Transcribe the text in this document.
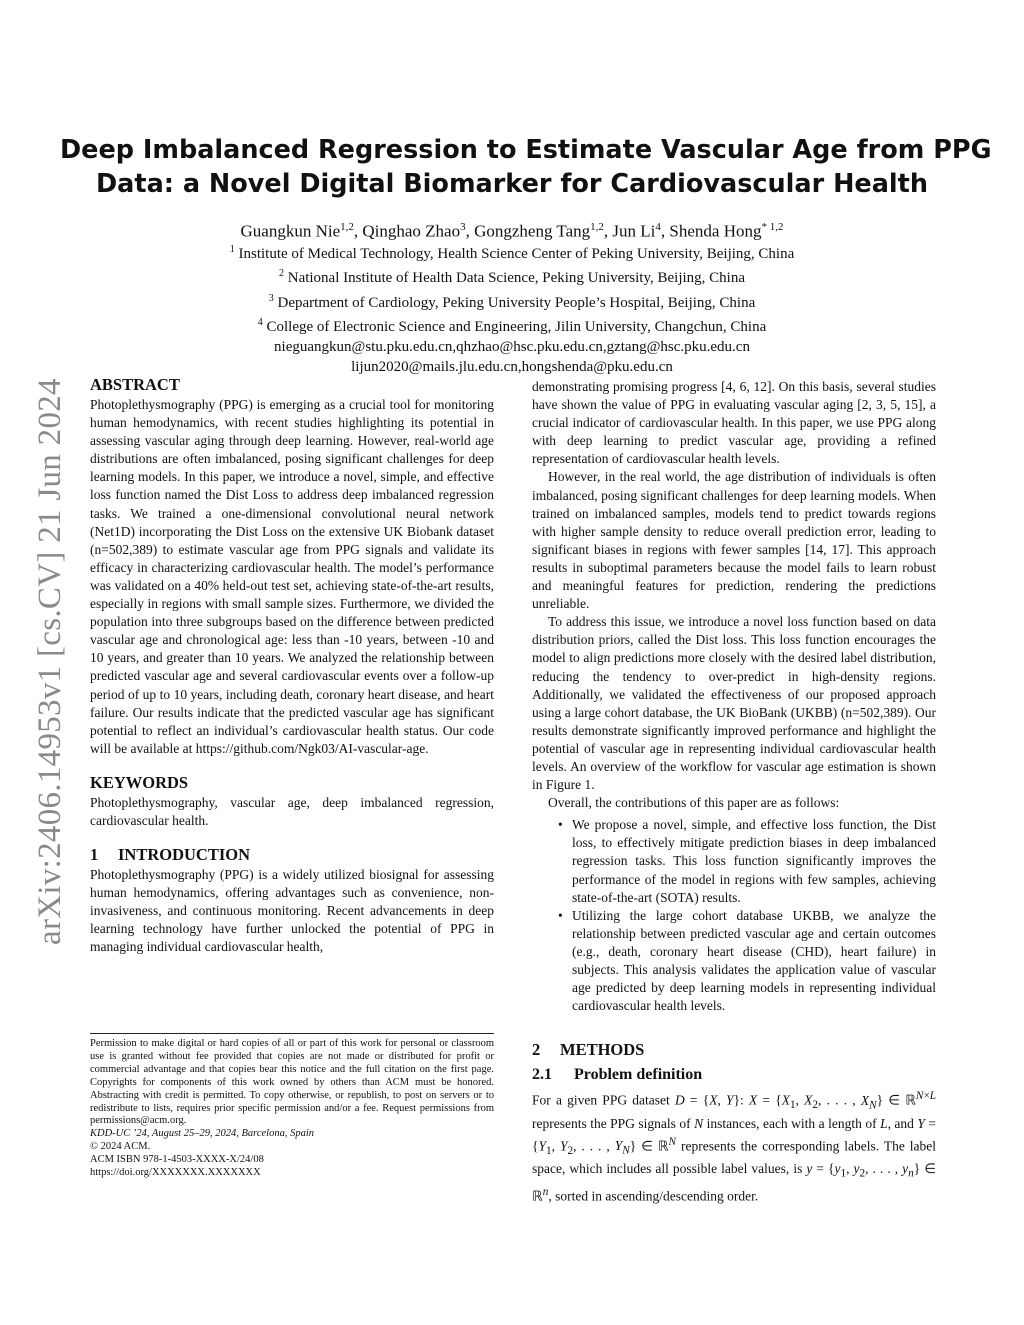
arXiv:2406.14953v1 [cs.CV] 21 Jun 2024
Deep Imbalanced Regression to Estimate Vascular Age from PPG
Data: a Novel Digital Biomarker for Cardiovascular Health
Guangkun Nie$^{1,2}$, Qinghao Zhao$^3$, Gongzheng Tang$^{1,2}$, Jun Li$^4$, Shenda Hong$^{* 1,2}$
$^1$ Institute of Medical Technology, Health Science Center of Peking University, Beijing, China
$^2$ National Institute of Health Data Science, Peking University, Beijing, China
$^3$ Department of Cardiology, Peking University People’s Hospital, Beijing, China
$^4$ College of Electronic Science and Engineering, Jilin University, Changchun, China
nieguangkun@stu.pku.edu.cn,qhzhao@hsc.pku.edu.cn,gztang@hsc.pku.edu.cn
lijun2020@mails.jlu.edu.cn,hongshenda@pku.edu.cn
ABSTRACT

Photoplethysmography (PPG) is emerging as a crucial tool for monitoring human hemodynamics, with recent studies highlighting its potential in assessing vascular aging through deep learning. However, real-world age distributions are often imbalanced, posing significant challenges for deep learning models. In this paper, we introduce a novel, simple, and effective loss function named the Dist Loss to address deep imbalanced regression tasks. We trained a one-dimensional convolutional neural network (Net1D) incorporating the Dist Loss on the extensive UK Biobank dataset (n=502,389) to estimate vascular age from PPG signals and validate its efficacy in characterizing cardiovascular health. The model’s performance was validated on a 40% held-out test set, achieving state-of-the-art results, especially in regions with small sample sizes. Furthermore, we divided the population into three subgroups based on the difference between predicted vascular age and chronological age: less than -10 years, between -10 and 10 years, and greater than 10 years. We analyzed the relationship between predicted vascular age and several cardiovascular events over a follow-up period of up to 10 years, including death, coronary heart disease, and heart failure. Our results indicate that the predicted vascular age has significant potential to reflect an individual’s cardiovascular health status. Our code will be available at https://github.com/Ngk03/AI-vascular-age.

KEYWORDS

Photoplethysmography, vascular age, deep imbalanced regression, cardiovascular health.

1 INTRODUCTION

Photoplethysmography (PPG) is a widely utilized biosignal for assessing human hemodynamics, offering advantages such as convenience, non-invasiveness, and continuous monitoring. Recent advancements in deep learning technology have further unlocked the potential of PPG in managing individual cardiovascular health,

Permission to make digital or hard copies of all or part of this work for personal or classroom use is granted without fee provided that copies are not made or distributed for profit or commercial advantage and that copies bear this notice and the full citation on the first page. Copyrights for components of this work owned by others than ACM must be honored. Abstracting with credit is permitted. To copy otherwise, or republish, to post on servers or to redistribute to lists, requires prior specific permission and/or a fee. Request permissions from permissions@acm.org.

KDD-UC ’24, August 25–29, 2024, Barcelona, Spain
© 2024 ACM.
ACM ISBN 978-1-4503-XXXX-X/24/08
https://doi.org/XXXXXXX.XXXXXXX

demonstrating promising progress [4, 6, 12]. On this basis, several studies have shown the value of PPG in evaluating vascular aging [2, 3, 5, 15], a crucial indicator of cardiovascular health. In this paper, we use PPG along with deep learning to predict vascular age, providing a refined representation of cardiovascular health levels.

However, in the real world, the age distribution of individuals is often imbalanced, posing significant challenges for deep learning models. When trained on imbalanced samples, models tend to predict towards regions with higher sample density to reduce overall prediction error, leading to significant biases in regions with fewer samples [14, 17]. This approach results in suboptimal parameters because the model fails to learn robust and meaningful features for prediction, rendering the predictions unreliable.

To address this issue, we introduce a novel loss function based on data distribution priors, called the Dist loss. This loss function encourages the model to align predictions more closely with the desired label distribution, reducing the tendency to over-predict in high-density regions. Additionally, we validated the effectiveness of our proposed approach using a large cohort database, the UK BioBank (UKBB) (n=502,389). Our results demonstrate significantly improved performance and highlight the potential of vascular age in representing individual cardiovascular health levels. An overview of the workflow for vascular age estimation is shown in Figure 1.

Overall, the contributions of this paper are as follows:

• We propose a novel, simple, and effective loss function, the Dist loss, to effectively mitigate prediction biases in deep imbalanced regression tasks. This loss function significantly improves the performance of the model in regions with few samples, achieving state-of-the-art (SOTA) results.
• Utilizing the large cohort database UKBB, we analyze the relationship between predicted vascular age and certain outcomes (e.g., death, coronary heart disease (CHD), heart failure) in subjects. This analysis validates the application value of vascular age predicted by deep learning models in representing individual cardiovascular health levels.
2 METHODS
2.1 Problem definition

For a given PPG dataset D = {X, Y}: $X = \{X_1$, $X_2$, . . . , $X_N$} ∈ ℝ$^{N\times L}$ represents the PPG signals of N instances, each with a length of L, and $Y = \{Y_1$, $Y_2$, . . . , $Y_N$} ∈ ℝ$^N$ represents the corresponding labels. The label space, which includes all possible label values, is $y = \{y_1$, $y_2$, . . . , $y_n$} ∈ ℝ$^n$, sorted in ascending/descending order.
